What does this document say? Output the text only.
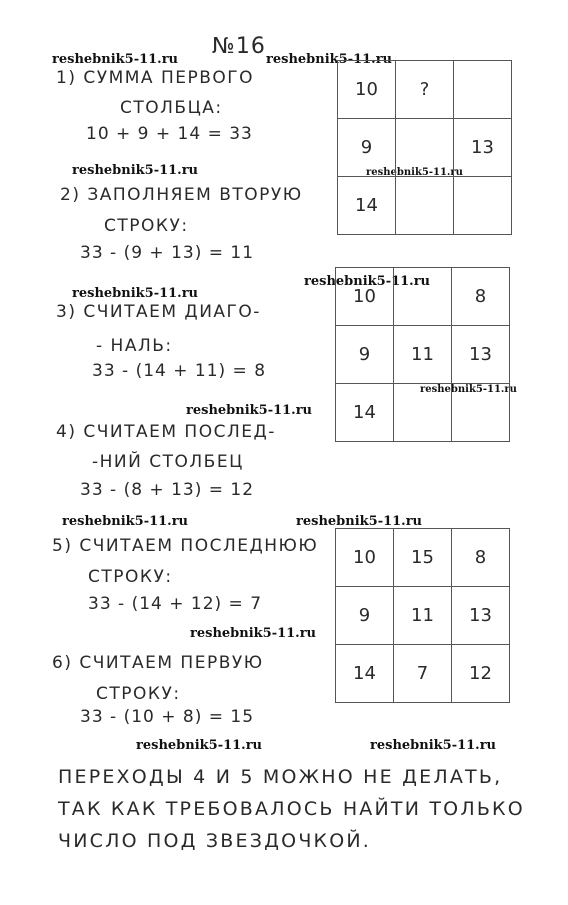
№16
reshebnik5-11.ru	reshebnik5-11.ru
reshebnik5-11.ru
reshebnik5-11.ru
reshebnik5-11.ru
reshebnik5-11.ru
reshebnik5-11.ru
reshebnik5-11.ru
reshebnik5-11.ru	reshebnik5-11.ru
reshebnik5-11.ru
reshebnik5-11.ru	reshebnik5-11.ru
1) СУММА ПЕРВОГО
СТОЛБЦА:
10 + 9 + 14 = 33
2) ЗАПОЛНЯЕМ ВТОРУЮ
СТРОКУ:
33 - (9 + 13) = 11
3) СЧИТАЕМ ДИАГО-
- НАЛЬ:
33 - (14 + 11) = 8
4) СЧИТАЕМ ПОСЛЕД-
-НИЙ СТОЛБЕЦ
33 - (8 + 13) = 12
5) СЧИТАЕМ ПОСЛЕДНЮЮ
СТРОКУ:
33 - (14 + 12) = 7
6) СЧИТАЕМ ПЕРВУЮ
СТРОКУ:
33 - (10 + 8) = 15
10	?	

9		13

14		

10		8

9	11	13

14		

10	15	8

9	11	13

14	7	12
ПЕРЕХОДЫ 4 И 5 МОЖНО НЕ ДЕЛАТЬ,
ТАК КАК ТРЕБОВАЛОСЬ НАЙТИ ТОЛЬКО
ЧИСЛО ПОД ЗВЕЗДОЧКОЙ.
